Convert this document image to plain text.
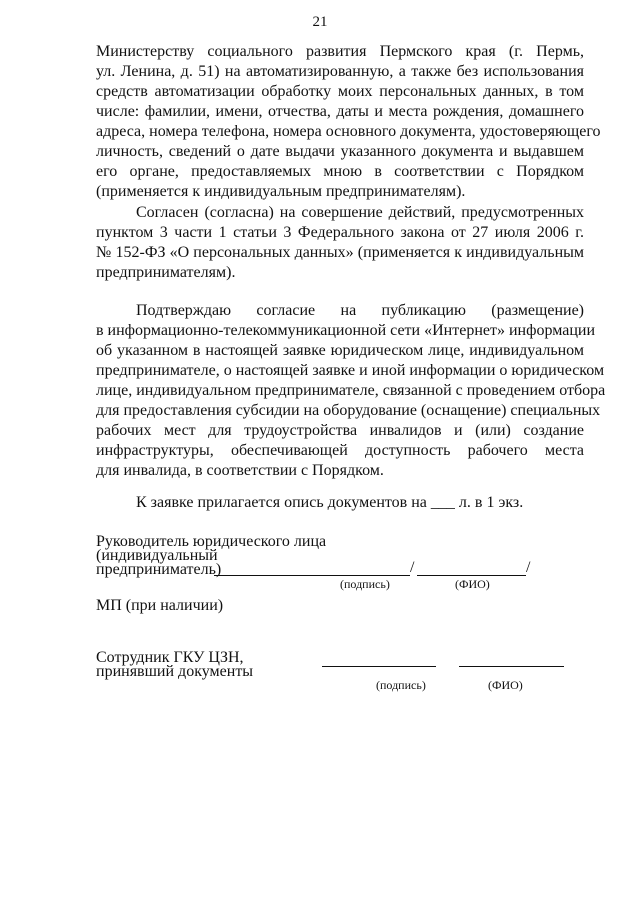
21
Министерству социального развития Пермского края (г. Пермь,
ул. Ленина, д. 51) на автоматизированную, а также без использования
средств автоматизации обработку моих персональных данных, в том
числе: фамилии, имени, отчества, даты и места рождения, домашнего
адреса, номера телефона, номера основного документа, удостоверяющего
личность, сведений о дате выдачи указанного документа и выдавшем
его органе, предоставляемых мною в соответствии с Порядком
(применяется к индивидуальным предпринимателям).
Согласен (согласна) на совершение действий, предусмотренных
пунктом 3 части 1 статьи 3 Федерального закона от 27 июля 2006 г.
№ 152-ФЗ «О персональных данных» (применяется к индивидуальным
предпринимателям).
Подтверждаю согласие на публикацию (размещение)
в информационно-телекоммуникационной сети «Интернет» информации
об указанном в настоящей заявке юридическом лице, индивидуальном
предпринимателе, о настоящей заявке и иной информации о юридическом
лице, индивидуальном предпринимателе, связанной с проведением отбора
для предоставления субсидии на оборудование (оснащение) специальных
рабочих мест для трудоустройства инвалидов и (или) создание
инфраструктуры, обеспечивающей доступность рабочего места
для инвалида, в соответствии с Порядком.
К заявке прилагается опись документов на ___ л. в 1 экз.
Руководитель юридического лица
(индивидуальный
предприниматель)	/	/
(подпись)	(ФИО)
МП (при наличии)
Сотрудник ГКУ ЦЗН,
принявший документы
(подпись)	(ФИО)
